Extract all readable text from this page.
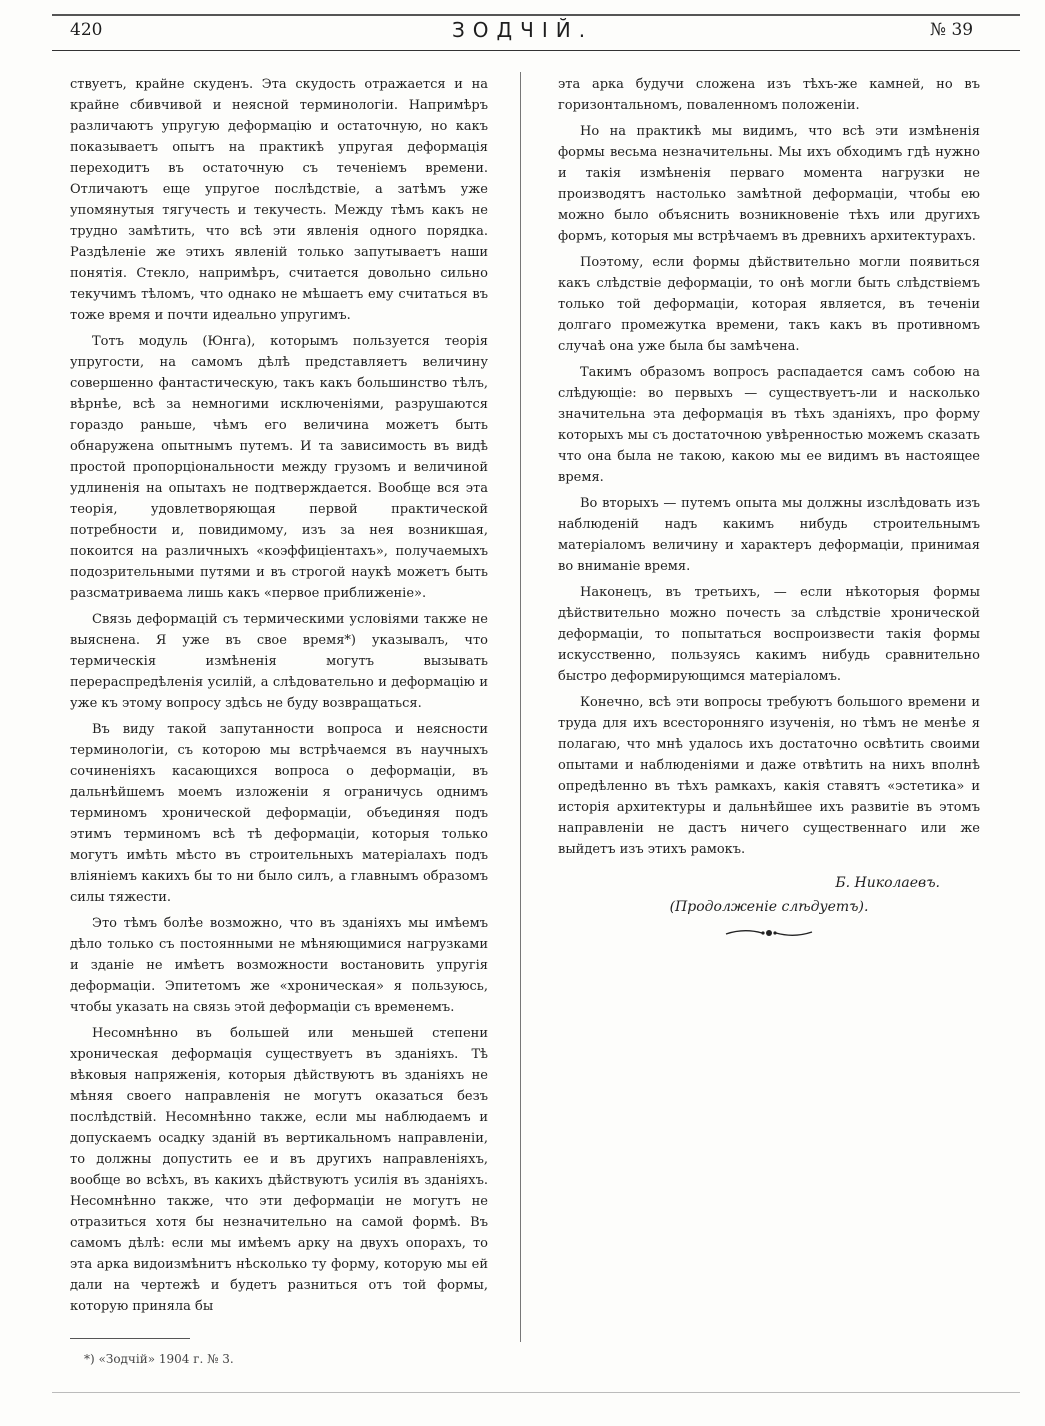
420	ЗОДЧІЙ.	№ 39

ствуетъ, крайне скуденъ. Эта скудость отражается и на крайне сбивчивой и неясной терминологіи. Напримѣръ различаютъ упругую деформацію и остаточную, но какъ показываетъ опытъ на практикѣ упругая деформація переходитъ въ остаточную съ теченіемъ времени. Отличаютъ еще упругое послѣдствіе, а затѣмъ уже упомянутыя тягучесть и текучесть. Между тѣмъ какъ не трудно замѣтить, что всѣ эти явленія одного порядка. Раздѣленіе же этихъ явленій только запутываетъ наши понятія. Стекло, напримѣръ, считается довольно сильно текучимъ тѣломъ, что однако не мѣшаетъ ему считаться въ тоже время и почти идеально упругимъ.

Тотъ модуль (Юнга), которымъ пользуется теорія упругости, на самомъ дѣлѣ представляетъ величину совершенно фантастическую, такъ какъ большинство тѣлъ, вѣрнѣе, всѣ за немногими исключеніями, разрушаются гораздо раньше, чѣмъ его величина можетъ быть обнаружена опытнымъ путемъ. И та зависимость въ видѣ простой пропорціональности между грузомъ и величиной удлиненія на опытахъ не подтверждается. Вообще вся эта теорія, удовлетворяющая первой практической потребности и, повидимому, изъ за нея возникшая, покоится на различныхъ «коэффиціентахъ», получаемыхъ подозрительными путями и въ строгой наукѣ можетъ быть разсматриваема лишь какъ «первое приближеніе».

Связь деформацій съ термическими условіями также не выяснена. Я уже въ свое время*) указывалъ, что термическія измѣненія могутъ вызывать перераспредѣленія усилій, а слѣдовательно и деформацію и уже къ этому вопросу здѣсь не буду возвращаться.

Въ виду такой запутанности вопроса и неясности терминологіи, съ которою мы встрѣчаемся въ научныхъ сочиненіяхъ касающихся вопроса о деформаціи, въ дальнѣйшемъ моемъ изложеніи я ограничусь однимъ терминомъ хронической деформаціи, объединяя подъ этимъ терминомъ всѣ тѣ деформаціи, которыя только могутъ имѣть мѣсто въ строительныхъ матеріалахъ подъ вліяніемъ какихъ бы то ни было силъ, а главнымъ образомъ силы тяжести.

Это тѣмъ болѣе возможно, что въ зданіяхъ мы имѣемъ дѣло только съ постоянными не мѣняющимися нагрузками и зданіе не имѣетъ возможности востановить упругія деформаціи. Эпитетомъ же «хроническая» я пользуюсь, чтобы указать на связь этой деформаціи съ временемъ.

Несомнѣнно въ большей или меньшей степени хроническая деформація существуетъ въ зданіяхъ. Тѣ вѣковыя напряженія, которыя дѣйствуютъ въ зданіяхъ не мѣняя своего направленія не могутъ оказаться безъ послѣдствій. Несомнѣнно также, если мы наблюдаемъ и допускаемъ осадку зданій въ вертикальномъ направленіи, то должны допустить ее и въ другихъ направленіяхъ, вообще во всѣхъ, въ какихъ дѣйствуютъ усилія въ зданіяхъ. Несомнѣнно также, что эти деформаціи не могутъ не отразиться хотя бы незначительно на самой формѣ. Въ самомъ дѣлѣ: если мы имѣемъ арку на двухъ опорахъ, то эта арка видоизмѣнитъ нѣсколько ту форму, которую мы ей дали на чертежѣ и будетъ разниться отъ той формы, которую приняла бы

эта арка будучи сложена изъ тѣхъ-же камней, но въ горизонтальномъ, поваленномъ положеніи.

Но на практикѣ мы видимъ, что всѣ эти измѣненія формы весьма незначительны. Мы ихъ обходимъ гдѣ нужно и такія измѣненія перваго момента нагрузки не производятъ настолько замѣтной деформаціи, чтобы ею можно было объяснить возникновеніе тѣхъ или другихъ формъ, которыя мы встрѣчаемъ въ древнихъ архитектурахъ.

Поэтому, если формы дѣйствительно могли появиться какъ слѣдствіе деформаціи, то онѣ могли быть слѣдствіемъ только той деформаціи, которая является, въ теченіи долгаго промежутка времени, такъ какъ въ противномъ случаѣ она уже была бы замѣчена.

Такимъ образомъ вопросъ распадается самъ собою на слѣдующіе: во первыхъ — существуетъ-ли и насколько значительна эта деформація въ тѣхъ зданіяхъ, про форму которыхъ мы съ достаточною увѣренностью можемъ сказать что она была не такою, какою мы ее видимъ въ настоящее время.

Во вторыхъ — путемъ опыта мы должны изслѣдовать изъ наблюденій надъ какимъ нибудь строительнымъ матеріаломъ величину и характеръ деформаціи, принимая во вниманіе время.

Наконецъ, въ третьихъ, — если нѣкоторыя формы дѣйствительно можно почесть за слѣдствіе хронической деформаціи, то попытаться воспроизвести такія формы искусственно, пользуясь какимъ нибудь сравнительно быстро деформирующимся матеріаломъ.

Конечно, всѣ эти вопросы требуютъ большого времени и труда для ихъ всесторонняго изученія, но тѣмъ не менѣе я полагаю, что мнѣ удалось ихъ достаточно освѣтить своими опытами и наблюденіями и даже отвѣтить на нихъ вполнѣ опредѣленно въ тѣхъ рамкахъ, какія ставятъ «эстетика» и исторія архитектуры и дальнѣйшее ихъ развитіе въ этомъ направленіи не дастъ ничего существеннаго или же выйдетъ изъ этихъ рамокъ.

Б. Николаевъ.
(Продолженіе слѣдуетъ).
*) «Зодчій» 1904 г. № 3.
